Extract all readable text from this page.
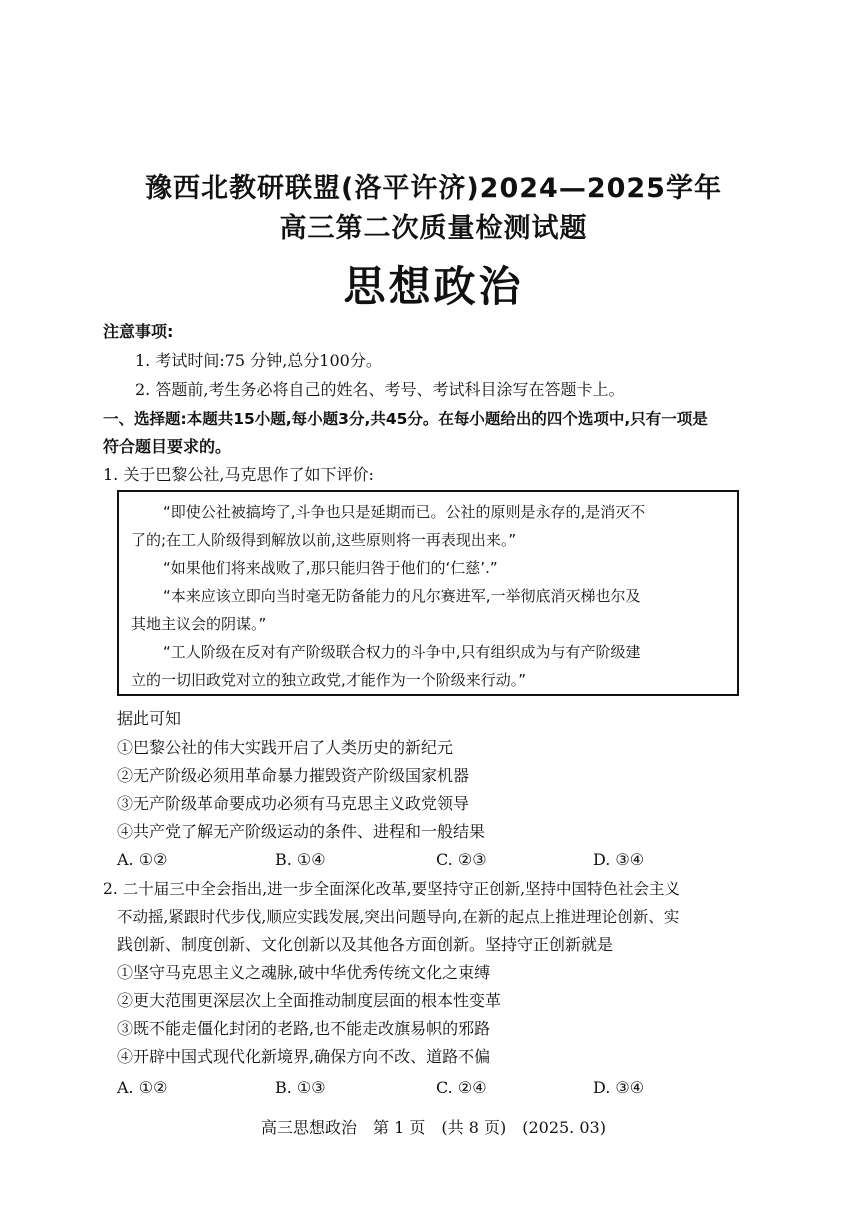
豫西北教研联盟(洛平许济)2024—2025学年
高三第二次质量检测试题
思想政治
注意事项:
1. 考试时间:75 分钟,总分100分。
2. 答题前,考生务必将自己的姓名、考号、考试科目涂写在答题卡上。
一、选择题:本题共15小题,每小题3分,共45分。在每小题给出的四个选项中,只有一项是
符合题目要求的。
1. 关于巴黎公社,马克思作了如下评价:
“即使公社被搞垮了,斗争也只是延期而已。公社的原则是永存的,是消灭不
了的;在工人阶级得到解放以前,这些原则将一再表现出来。”
“如果他们将来战败了,那只能归咎于他们的‘仁慈’.”
“本来应该立即向当时毫无防备能力的凡尔赛进军,一举彻底消灭梯也尔及
其地主议会的阴谋。”
“工人阶级在反对有产阶级联合权力的斗争中,只有组织成为与有产阶级建
立的一切旧政党对立的独立政党,才能作为一个阶级来行动。”
据此可知
①巴黎公社的伟大实践开启了人类历史的新纪元
②无产阶级必须用革命暴力摧毁资产阶级国家机器
③无产阶级革命要成功必须有马克思主义政党领导
④共产党了解无产阶级运动的条件、进程和一般结果
A. ①②	B. ①④	C. ②③	D. ③④
2. 二十届三中全会指出,进一步全面深化改革,要坚持守正创新,坚持中国特色社会主义
不动摇,紧跟时代步伐,顺应实践发展,突出问题导向,在新的起点上推进理论创新、实
践创新、制度创新、文化创新以及其他各方面创新。坚持守正创新就是
①坚守马克思主义之魂脉,破中华优秀传统文化之束缚
②更大范围更深层次上全面推动制度层面的根本性变革
③既不能走僵化封闭的老路,也不能走改旗易帜的邪路
④开辟中国式现代化新境界,确保方向不改、道路不偏
A. ①②	B. ①③	C. ②④	D. ③④
高三思想政治　第 1 页　(共 8 页)　(2025. 03)
